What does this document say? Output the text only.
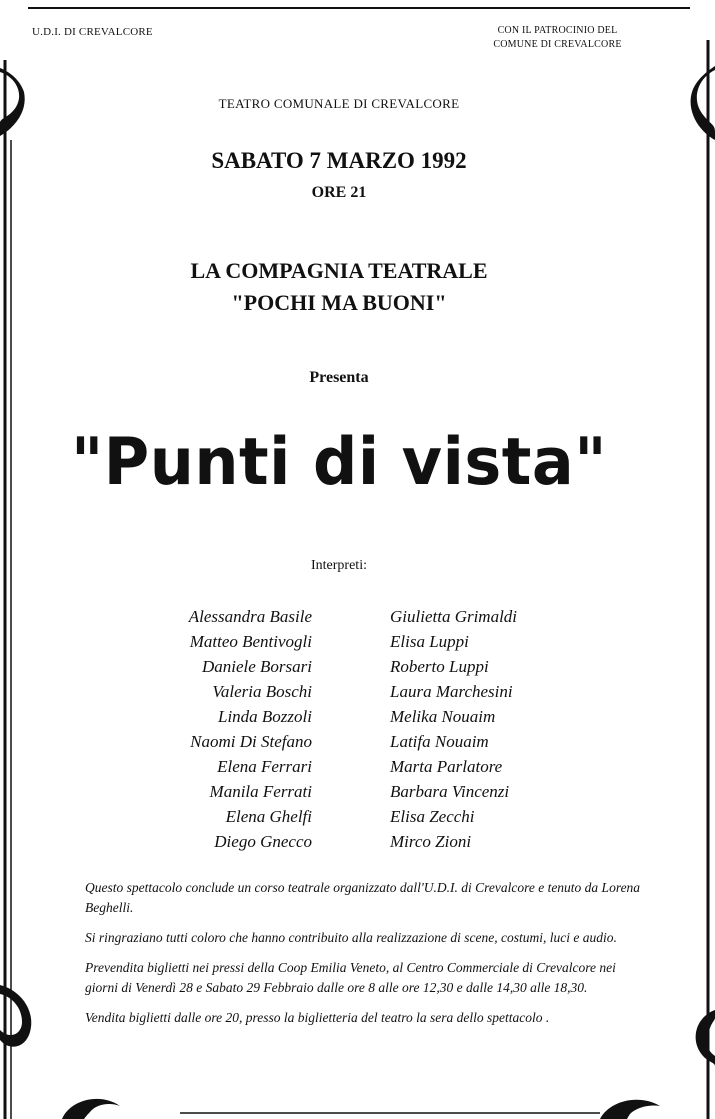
U.D.I. DI CREVALCORE	CON IL PATROCINIO DEL
COMUNE DI CREVALCORE
TEATRO COMUNALE DI CREVALCORE
SABATO 7 MARZO 1992
ORE 21
LA COMPAGNIA TEATRALE
"POCHI MA BUONI"
Presenta
"Punti di vista"
Interpreti:
Alessandra Basile
Matteo Bentivogli
Daniele Borsari
Valeria Boschi
Linda Bozzoli
Naomi Di Stefano
Elena Ferrari
Manila Ferrati
Elena Ghelfi
Diego Gnecco
Giulietta Grimaldi
Elisa Luppi
Roberto Luppi
Laura Marchesini
Melika Nouaim
Latifa Nouaim
Marta Parlatore
Barbara Vincenzi
Elisa Zecchi
Mirco Zioni

Questo spettacolo conclude un corso teatrale organizzato dall'U.D.I. di Crevalcore e tenuto da Lorena Beghelli.

Si ringraziano tutti coloro che hanno contribuito alla realizzazione di scene, costumi, luci e audio.

Prevendita biglietti nei pressi della Coop Emilia Veneto, al Centro Commerciale di Crevalcore nei giorni di Venerdì 28 e Sabato 29 Febbraio dalle ore 8 alle ore 12,30 e dalle 14,30 alle 18,30.

Vendita biglietti dalle ore 20, presso la biglietteria del teatro la sera dello spettacolo .
